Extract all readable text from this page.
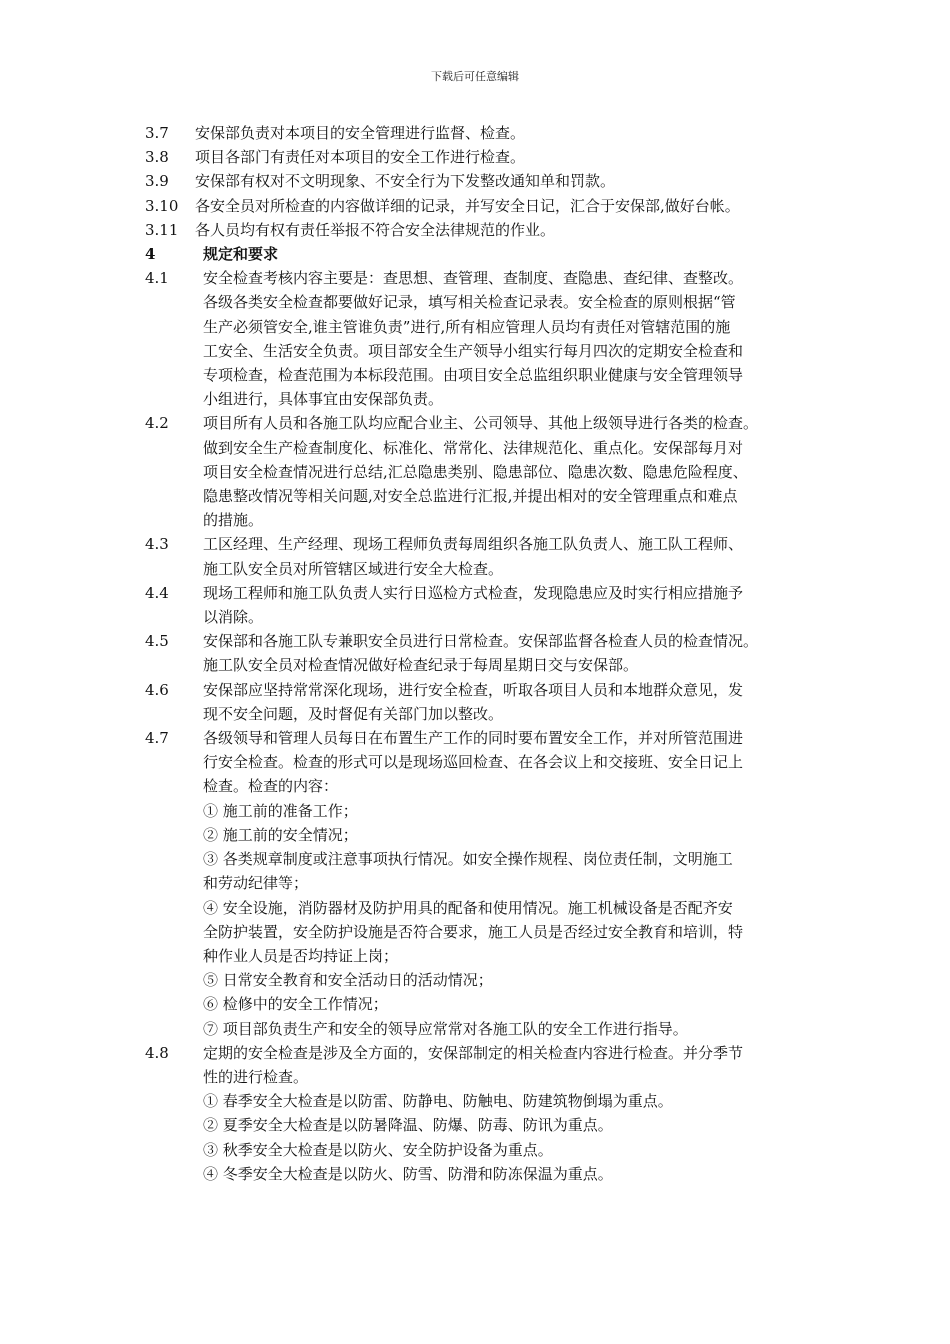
下载后可任意编辑
3.7	安保部负责对本项目的安全管理进行监督、检查。
3.8	项目各部门有责任对本项目的安全工作进行检查。
3.9	安保部有权对不文明现象、不安全行为下发整改通知单和罚款。
3.10	各安全员对所检查的内容做详细的记录，并写安全日记，汇合于安保部,做好台帐。
3.11	各人员均有权有责任举报不符合安全法律规范的作业。
4	规定和要求
4.1	安全检查考核内容主要是：查思想、查管理、查制度、查隐患、查纪律、查整改。
各级各类安全检查都要做好记录，填写相关检查记录表。安全检查的原则根据“管
生产必须管安全,谁主管谁负责”进行,所有相应管理人员均有责任对管辖范围的施
工安全、生活安全负责。项目部安全生产领导小组实行每月四次的定期安全检查和
专项检查，检查范围为本标段范围。由项目安全总监组织职业健康与安全管理领导
小组进行，具体事宜由安保部负责。
4.2	项目所有人员和各施工队均应配合业主、公司领导、其他上级领导进行各类的检查。
做到安全生产检查制度化、标准化、常常化、法律规范化、重点化。安保部每月对
项目安全检查情况进行总结,汇总隐患类别、隐患部位、隐患次数、隐患危险程度、
隐患整改情况等相关问题,对安全总监进行汇报,并提出相对的安全管理重点和难点
的措施。
4.3	工区经理、生产经理、现场工程师负责每周组织各施工队负责人、施工队工程师、
施工队安全员对所管辖区域进行安全大检查。
4.4	现场工程师和施工队负责人实行日巡检方式检查，发现隐患应及时实行相应措施予
以消除。
4.5	安保部和各施工队专兼职安全员进行日常检查。安保部监督各检查人员的检查情况。
施工队安全员对检查情况做好检查纪录于每周星期日交与安保部。
4.6	安保部应坚持常常深化现场，进行安全检查，听取各项目人员和本地群众意见，发
现不安全问题，及时督促有关部门加以整改。
4.7	各级领导和管理人员每日在布置生产工作的同时要布置安全工作，并对所管范围进
行安全检查。检查的形式可以是现场巡回检查、在各会议上和交接班、安全日记上
检查。检查的内容：
① 施工前的准备工作；
② 施工前的安全情况；
③ 各类规章制度或注意事项执行情况。如安全操作规程、岗位责任制，文明施工
和劳动纪律等；
④ 安全设施，消防器材及防护用具的配备和使用情况。施工机械设备是否配齐安
全防护装置，安全防护设施是否符合要求，施工人员是否经过安全教育和培训，特
种作业人员是否均持证上岗；
⑤ 日常安全教育和安全活动日的活动情况；
⑥ 检修中的安全工作情况；
⑦ 项目部负责生产和安全的领导应常常对各施工队的安全工作进行指导。
4.8	定期的安全检查是涉及全方面的，安保部制定的相关检查内容进行检查。并分季节
性的进行检查。
① 春季安全大检查是以防雷、防静电、防触电、防建筑物倒塌为重点。
② 夏季安全大检查是以防暑降温、防爆、防毒、防讯为重点。
③ 秋季安全大检查是以防火、安全防护设备为重点。
④ 冬季安全大检查是以防火、防雪、防滑和防冻保温为重点。
